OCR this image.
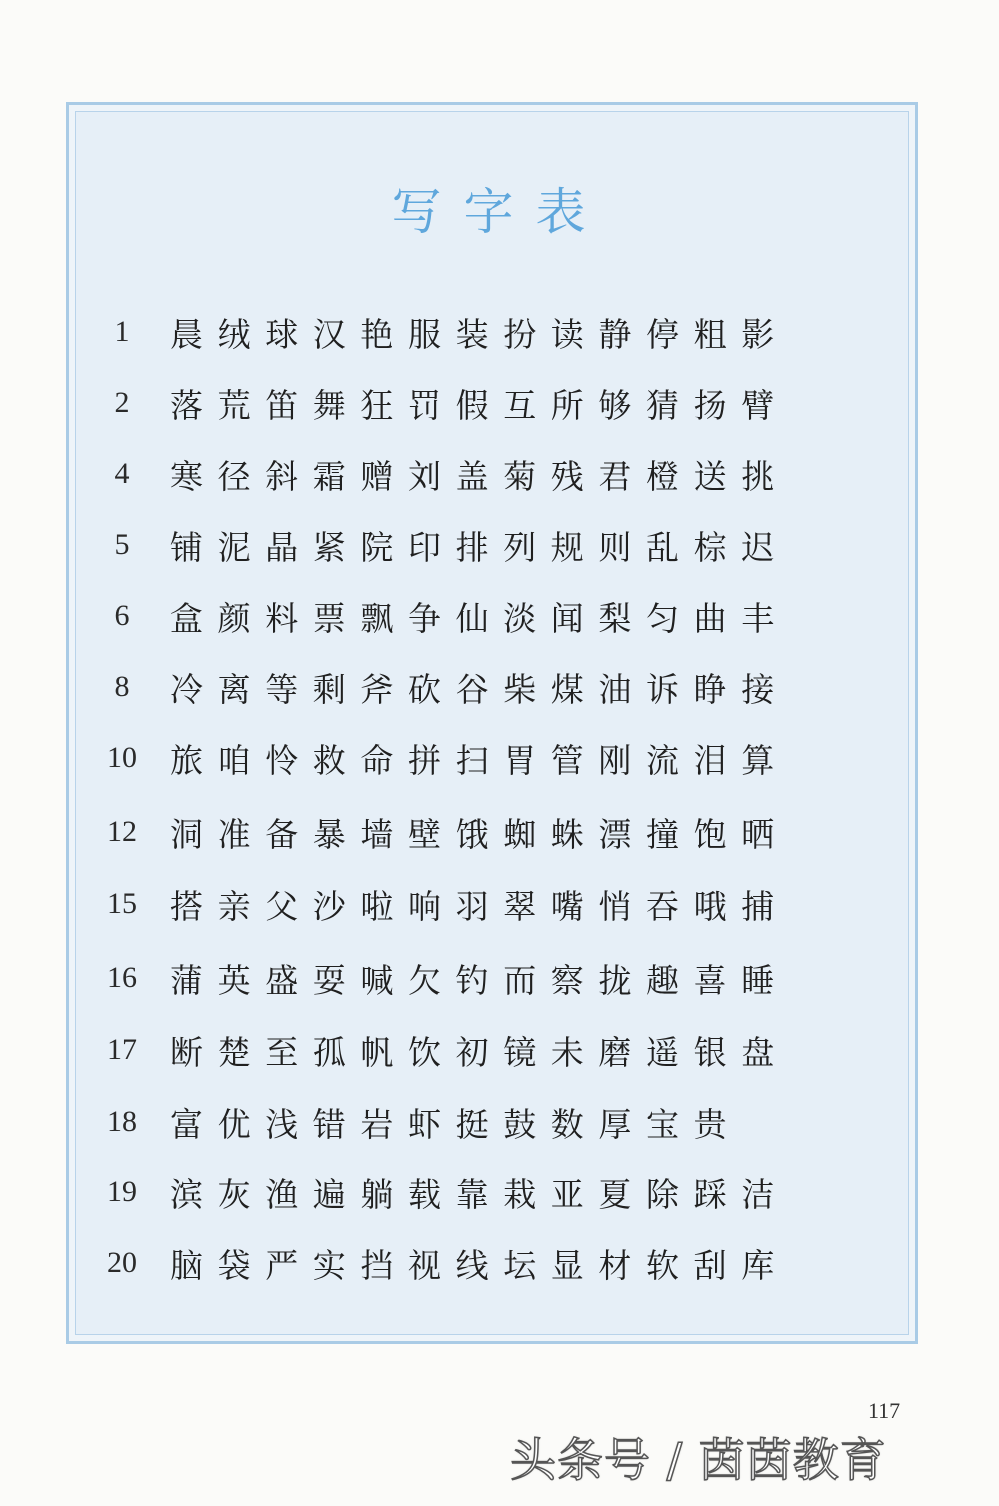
写字表
1	晨绒球汉艳服装扮读静停粗影
2	落荒笛舞狂罚假互所够猜扬臂
4	寒径斜霜赠刘盖菊残君橙送挑
5	铺泥晶紧院印排列规则乱棕迟
6	盒颜料票飘争仙淡闻梨匀曲丰
8	冷离等剩斧砍谷柴煤油诉睁接
10	旅咱怜救命拼扫胃管刚流泪算
12	洞准备暴墙壁饿蜘蛛漂撞饱晒
15	搭亲父沙啦响羽翠嘴悄吞哦捕
16	蒲英盛耍喊欠钓而察拢趣喜睡
17	断楚至孤帆饮初镜未磨遥银盘
18	富优浅错岩虾挺鼓数厚宝贵
19	滨灰渔遍躺载靠栽亚夏除踩洁
20	脑袋严实挡视线坛显材软刮库
117
头条号 / 茵茵教育
